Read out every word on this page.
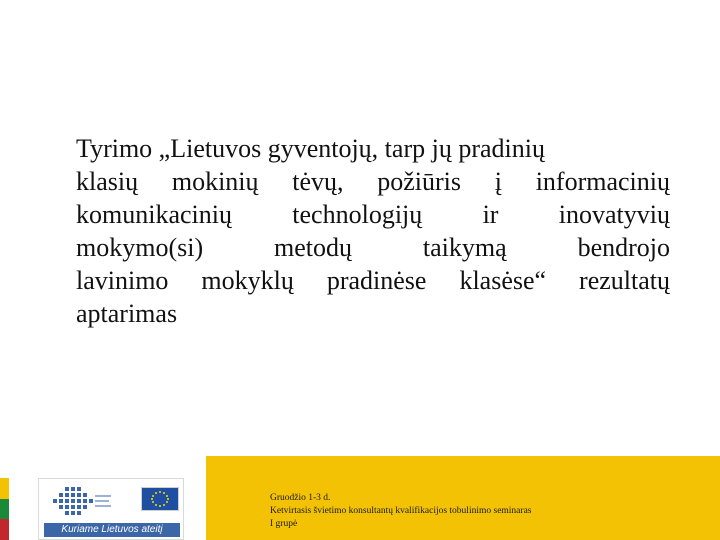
Tyrimo „Lietuvos gyventojų, tarp jų pradinių
klasių mokinių tėvų, požiūris į informacinių
komunikacinių technologijų ir inovatyvių
mokymo(si) metodų taikymą bendrojo
lavinimo mokyklų pradinėse klasėse“ rezultatų
aptarimas
Kuriame Lietuvos ateitį
Gruodžio 1-3 d.
Ketvirtasis švietimo konsultantų kvalifikacijos tobulinimo seminaras
I grupė
